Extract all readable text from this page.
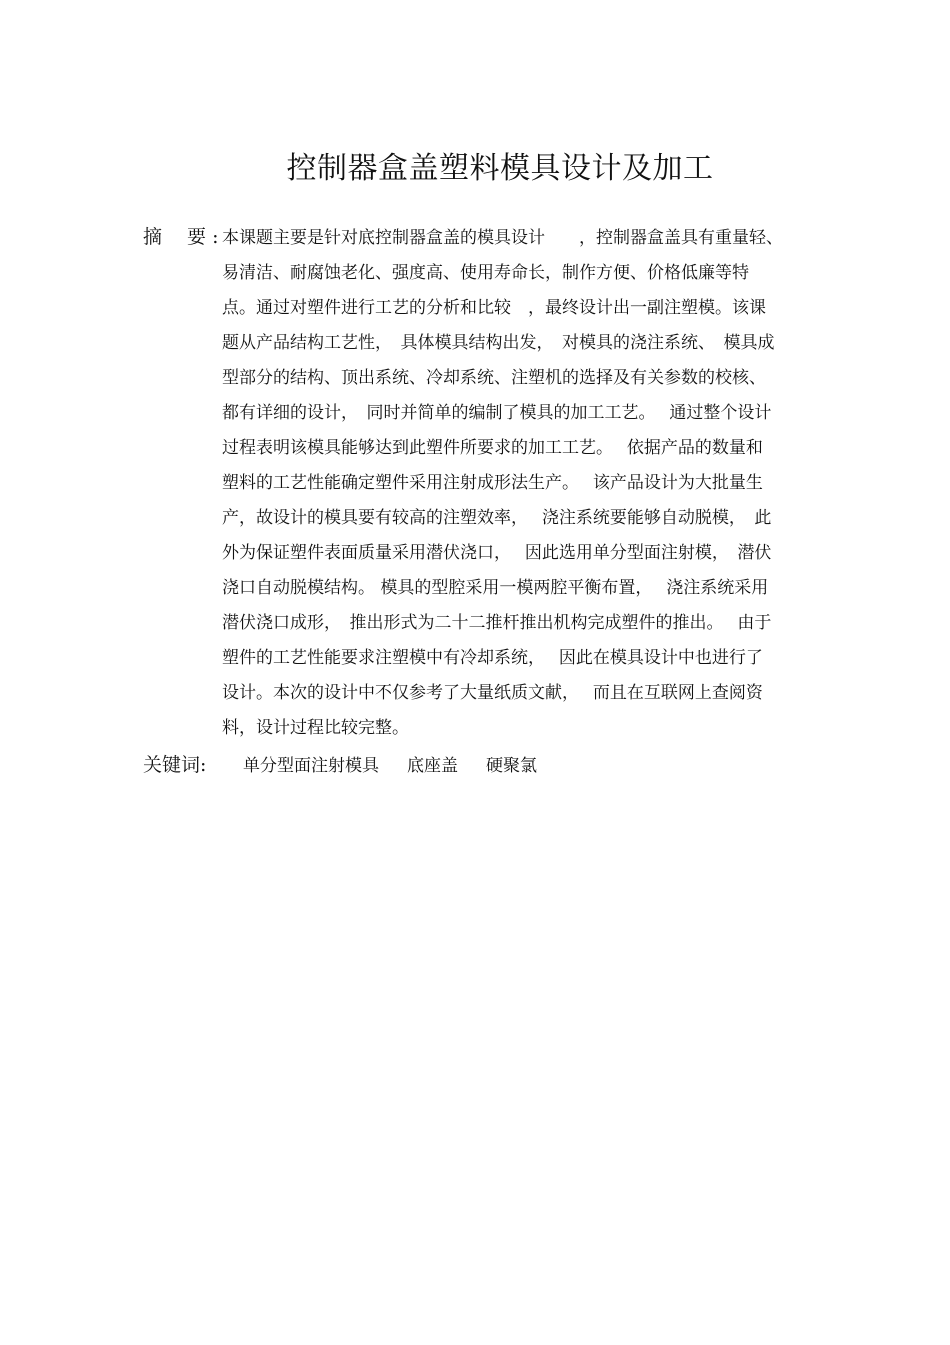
控制器盒盖塑料模具设计及加工
摘　 要 : 本课题主要是针对底控制器盒盖的模具设计　　，控制器盒盖具有重量轻、
易清洁、耐腐蚀老化、强度高、使用寿命长，制作方便、价格低廉等特
点。通过对塑件进行工艺的分析和比较　，最终设计出一副注塑模。该课
题从产品结构工艺性，　具体模具结构出发，　对模具的浇注系统、　模具成
型部分的结构、顶出系统、冷却系统、注塑机的选择及有关参数的校核、
都有详细的设计，　同时并简单的编制了模具的加工工艺。　 通过整个设计
过程表明该模具能够达到此塑件所要求的加工工艺。　 依据产品的数量和
塑料的工艺性能确定塑件采用注射成形法生产。　 该产品设计为大批量生
产，故设计的模具要有较高的注塑效率，　 浇注系统要能够自动脱模，　此
外为保证塑件表面质量采用潜伏浇口，　 因此选用单分型面注射模，　潜伏
浇口自动脱模结构。 模具的型腔采用一模两腔平衡布置，　 浇注系统采用
潜伏浇口成形，　推出形式为二十二推杆推出机构完成塑件的推出。　 由于
塑件的工艺性能要求注塑模中有冷却系统，　 因此在模具设计中也进行了
设计。本次的设计中不仅参考了大量纸质文献，　 而且在互联网上查阅资
料，设计过程比较完整。
关键词: 单分型面注射模具 底座盖 硬聚氯
